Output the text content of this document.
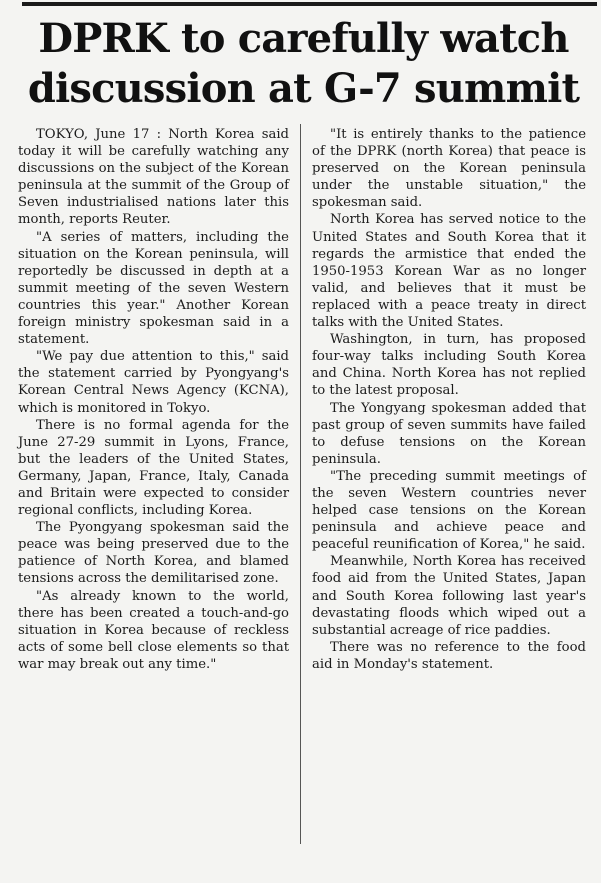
DPRK to carefully watch
discussion at G-7 summit

TOKYO, June 17 : North Korea said today it will be carefully watching any discussions on the subject of the Korean peninsula at the summit of the Group of Seven industrialised nations later this month, reports Reuter.

"A series of matters, including the situation on the Korean peninsula, will reportedly be discussed in depth at a summit meeting of the seven Western countries this year." Another Korean foreign ministry spokesman said in a statement.

"We pay due attention to this," said the statement carried by Pyongyang's Korean Central News Agency (KCNA), which is monitored in Tokyo.

There is no formal agenda for the June 27-29 summit in Lyons, France, but the leaders of the United States, Germany, Japan, France, Italy, Canada and Britain were expected to consider regional conflicts, including Korea.

The Pyongyang spokesman said the peace was being preserved due to the patience of North Korea, and blamed tensions across the demilitarised zone.

"As already known to the world, there has been created a touch-and-go situation in Korea because of reckless acts of some bell close elements so that war may break out any time."

"It is entirely thanks to the patience of the DPRK (north Korea) that peace is preserved on the Korean peninsula under the unstable situation," the spokesman said.

North Korea has served notice to the United States and South Korea that it regards the armistice that ended the 1950-1953 Korean War as no longer valid, and believes that it must be replaced with a peace treaty in direct talks with the United States.

Washington, in turn, has proposed four-way talks including South Korea and China. North Korea has not replied to the latest proposal.

The Yongyang spokesman added that past group of seven summits have failed to defuse tensions on the Korean peninsula.

"The preceding summit meetings of the seven Western countries never helped case tensions on the Korean peninsula and achieve peace and peaceful reunification of Korea," he said.

Meanwhile, North Korea has received food aid from the United States, Japan and South Korea following last year's devastating floods which wiped out a substantial acreage of rice paddies.

There was no reference to the food aid in Monday's statement.
